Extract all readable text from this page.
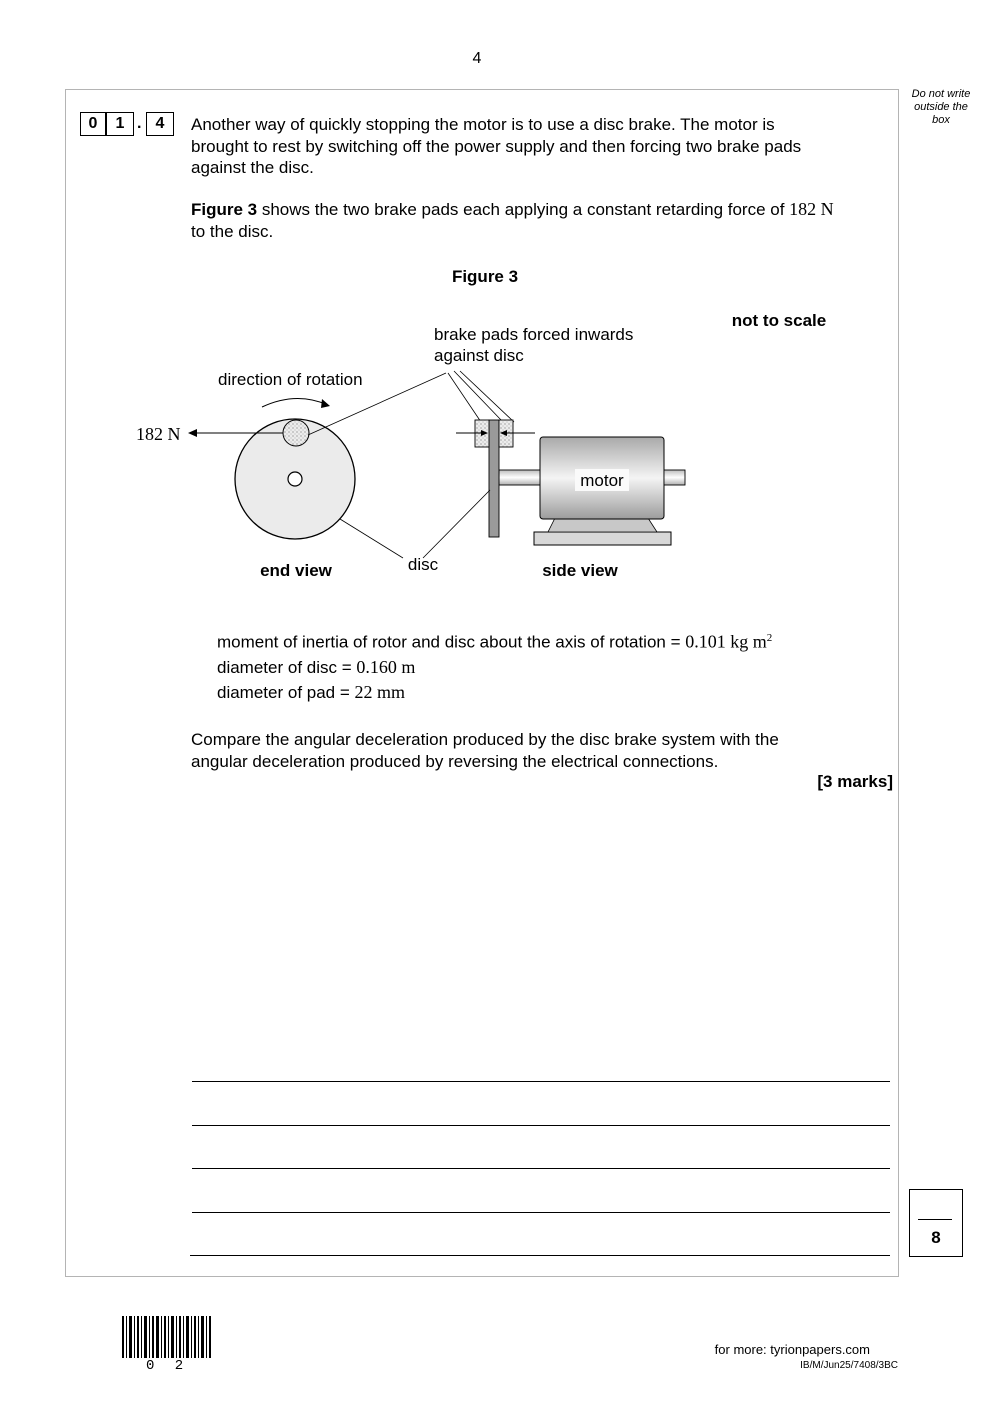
4
Do not write outside the box
0	1 . 4	Another way of quickly stopping the motor is to use a disc brake. The motor is
brought to rest by switching off the power supply and then forcing two brake pads
against the disc.
Figure 3 shows the two brake pads each applying a constant retarding force of 182 N
to the disc.
Figure 3
not to scale
brake pads forced inwards
against disc
direction of rotation
182 N
motor
disc
end view	side view
moment of inertia of rotor and disc about the axis of rotation = 0.101 kg $m^2$
diameter of disc = 0.160 m
diameter of pad = 22 mm
Compare the angular deceleration produced by the disc brake system with the
angular deceleration produced by reversing the electrical connections.
[3 marks]
8
0 2
for more: tyrionpapers.com
IB/M/Jun25/7408/3BC
